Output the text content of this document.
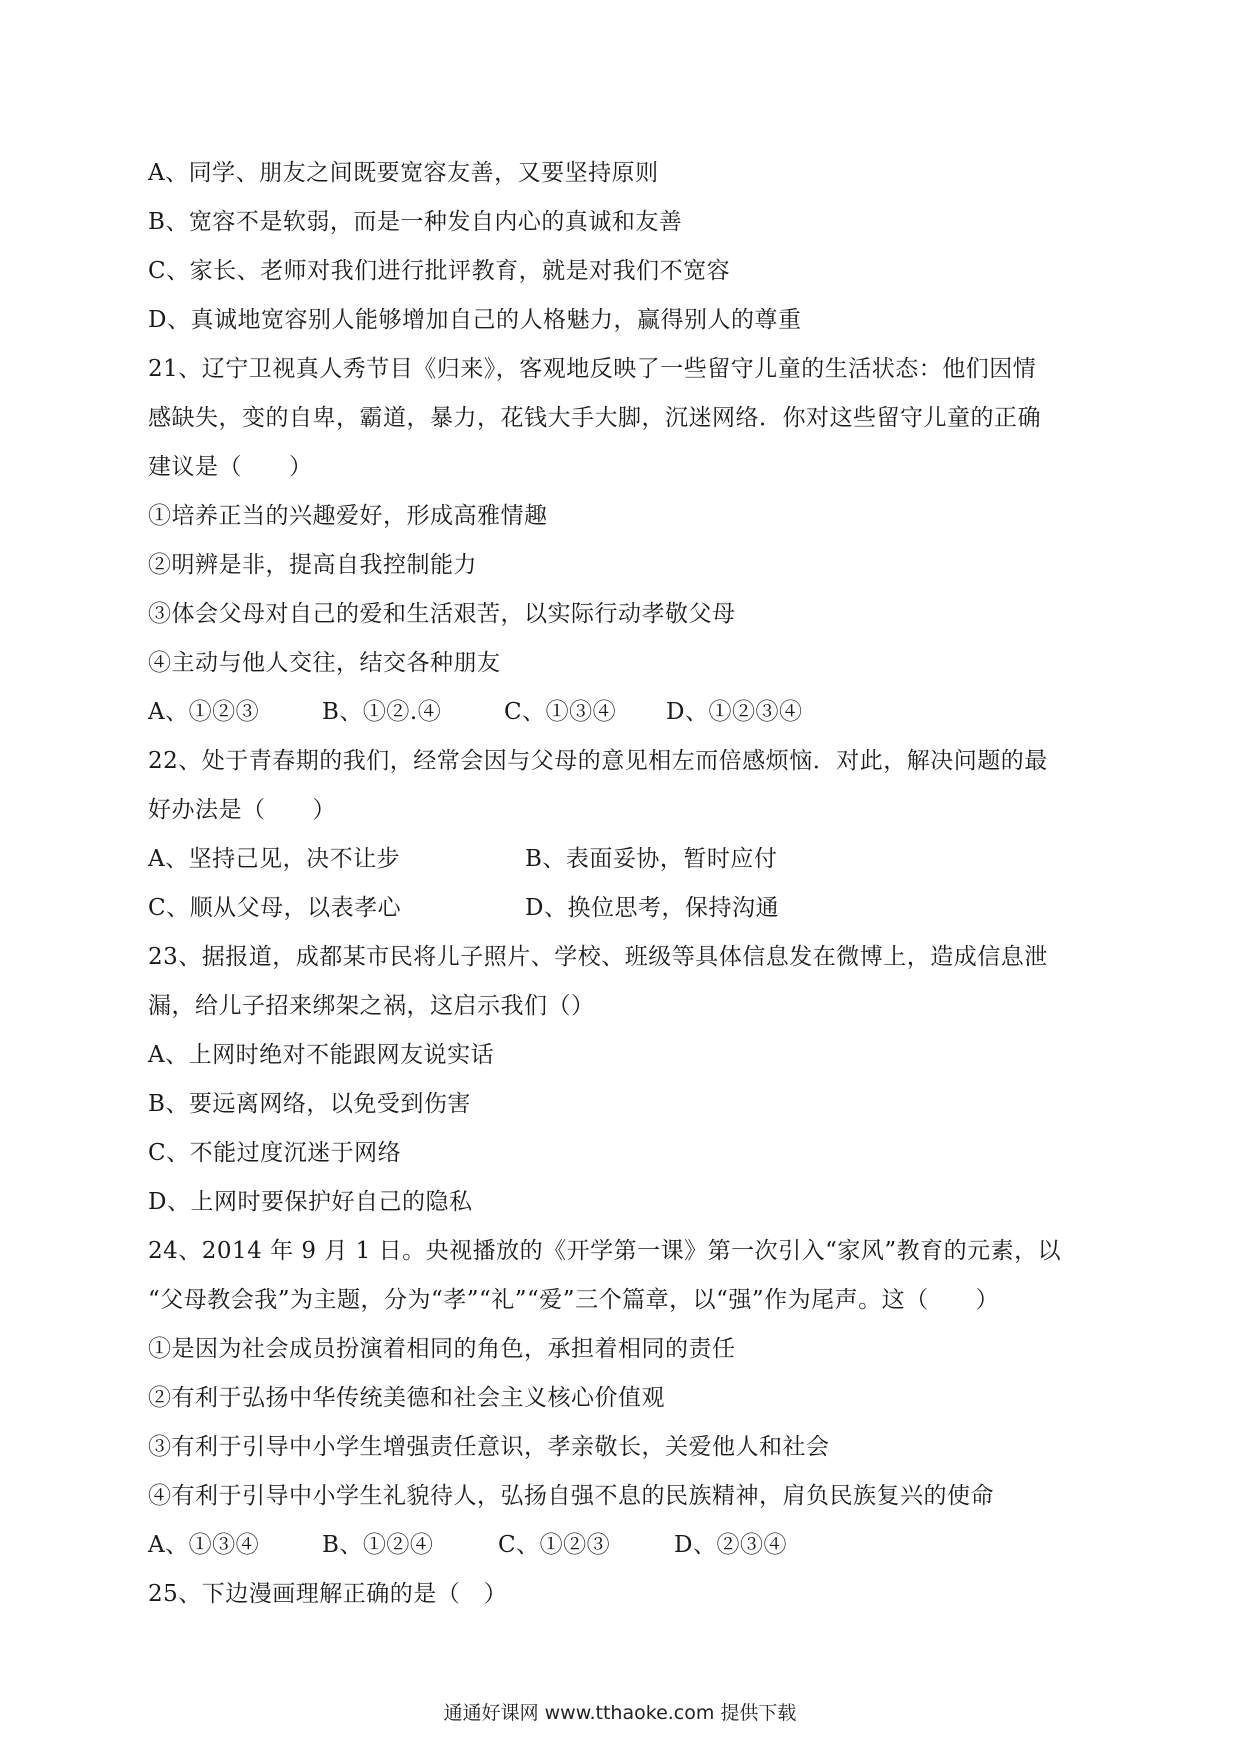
A、同学、朋友之间既要宽容友善，又要坚持原则
B、宽容不是软弱，而是一种发自内心的真诚和友善
C、家长、老师对我们进行批评教育，就是对我们不宽容
D、真诚地宽容别人能够增加自己的人格魅力，赢得别人的尊重
21、辽宁卫视真人秀节目《归来》，客观地反映了一些留守儿童的生活状态：他们因情
感缺失，变的自卑，霸道，暴力，花钱大手大脚，沉迷网络．你对这些留守儿童的正确
建议是（　　）
①培养正当的兴趣爱好，形成高雅情趣
②明辨是非，提高自我控制能力
③体会父母对自己的爱和生活艰苦，以实际行动孝敬父母
④主动与他人交往，结交各种朋友
A、①②③	B、①②.④	C、①③④ D、①②③④
22、处于青春期的我们，经常会因与父母的意见相左而倍感烦恼．对此，解决问题的最
好办法是（　　）
A、坚持己见，决不让步	B、表面妥协，暂时应付
C、顺从父母，以表孝心	D、换位思考，保持沟通
23、据报道，成都某市民将儿子照片、学校、班级等具体信息发在微博上，造成信息泄
漏，给儿子招来绑架之祸，这启示我们（）
A、上网时绝对不能跟网友说实话
B、要远离网络，以免受到伤害
C、不能过度沉迷于网络
D、上网时要保护好自己的隐私
24、2014 年 9 月 1 日。央视播放的《开学第一课》第一次引入“家风”教育的元素，以
“父母教会我”为主题，分为“孝”“礼”“爱”三个篇章，以“强”作为尾声。这（　　）
①是因为社会成员扮演着相同的角色，承担着相同的责任
②有利于弘扬中华传统美德和社会主义核心价值观
③有利于引导中小学生增强责任意识，孝亲敬长，关爱他人和社会
④有利于引导中小学生礼貌待人，弘扬自强不息的民族精神，肩负民族复兴的使命
A、①③④	B、①②④	C、①②③	D、②③④
25、下边漫画理解正确的是（　）
通通好课网 www.tthaoke.com 提供下载
